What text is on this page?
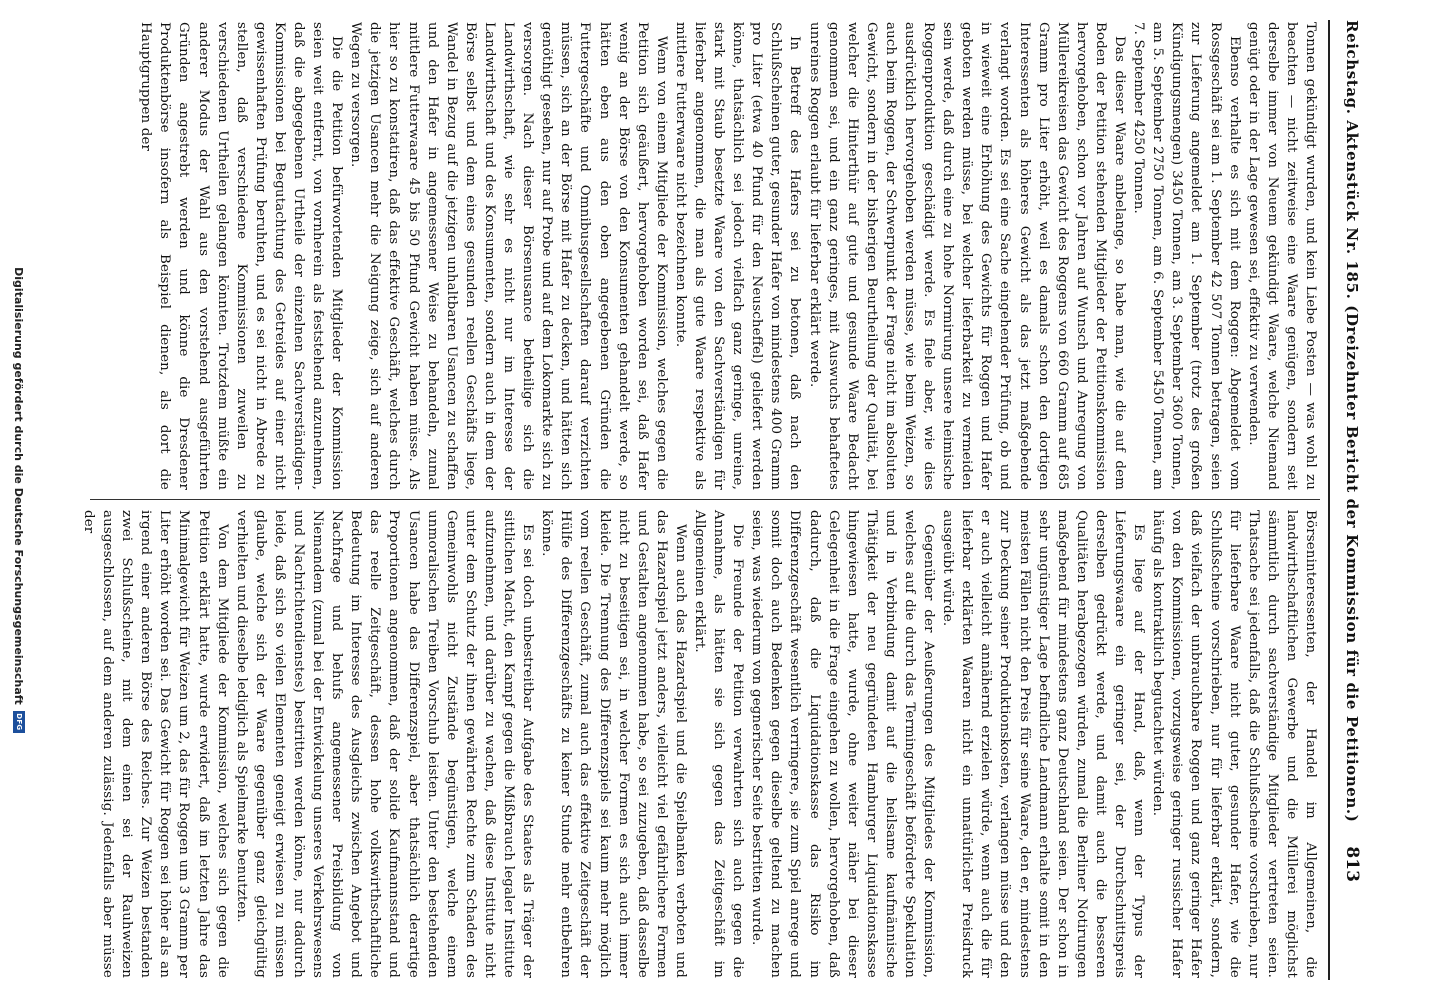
Reichstag. Aktenstück Nr. 185. (Dreizehnter Bericht der Kommission für die Petitionen.)
813

Tonnen gekündigt wurden, und kein Liebe Posten — was wohl zu beachten — nicht zeitweise eine Waare genügen, sondern seit derselbe immer von Neuem gekündigt Waare, welche Niemand genügt oder in der Lage gewesen sei, effektiv zu verwenden.

Ebenso verhalte es sich mit dem Roggen: Abgemeldet vom Rossgeschäft sei am 1. September 42 507 Tonnen betragen, seien zur Lieferung angemeldet am 1. September (trotz des großen Kündigungsmengen) 3450 Tonnen, am 3. September 3600 Tonnen, am 5. September 2750 Tonnen, am 6. September 5450 Tonnen, am 7. September 4250 Tonnen.

Das dieser Waare anbelange, so habe man, wie die auf dem Boden der Petition stehenden Mitglieder der Petitionskommission hervorgehoben, schon vor Jahren auf Wunsch und Anregung von Müllereikreisen das Gewicht des Roggens von 660 Gramm auf 685 Gramm pro Liter erhöht, weil es damals schon den dortigen Interessenten als höheres Gewicht als das jetzt maßgebende verlangt worden. Es sei eine Sache eingehender Prüfung, ob und in wieweit eine Erhöhung des Gewichts für Roggen und Hafer geboten werden müsse, bei welcher lieferbarkeit zu vermeiden sein werde, daß durch eine zu hohe Normirung unsere heimische Roggenproduktion geschädigt werde. Es fiele aber, wie dies ausdrücklich hervorgehoben werden müsse, wie beim Weizen, so auch beim Roggen, der Schwerpunkt der Frage nicht im absoluten Gewicht, sondern in der bisherigen Beurtheilung der Qualität, bei welcher die Hinterthür auf gute und gesunde Waare Bedacht genommen sei, und ein ganz geringes, mit Auswuchs behaftetes unreines Roggen erlaubt für lieferbar erklärt werde.

In Betreff des Hafers sei zu betonen, daß nach den Schlußscheinen guter, gesunder Hafer von mindestens 400 Gramm pro Liter (etwa 40 Pfund für den Neuscheffel) geliefert werden könne, thatsächlich sei jedoch vielfach ganz geringe, unreine, stark mit Staub besetzte Waare von den Sachverständigen für lieferbar angenommen, die man als gute Waare respektive als mittlere Futterwaare nicht bezeichnen konnte.

Wenn von einem Mitgliede der Kommission, welches gegen die Petition sich geäußert, hervorgehoben worden sei, daß Hafer wenig an der Börse von den Konsumenten gehandelt werde, so hätten eben aus den oben angegebenen Gründen die Futtergeschäfte und Omnibusgesellschaften darauf verzichten müssen, sich an der Börse mit Hafer zu decken, und hätten sich genöthigt gesehen, nur auf Probe und auf dem Lokomarkte sich zu versorgen. Nach dieser Börsenusance betheilige sich die Landwirthschaft, wie sehr es nicht nur im Interesse der Landwirthschaft und des Konsumenten, sondern auch in dem der Börse selbst und dem eines gesunden reellen Geschäfts liege, Wandel in Bezug auf die jetzigen unhaltbaren Usancen zu schaffen und den Hafer in angemessener Weise zu behandeln, zumal mittlere Futterwaare 45 bis 50 Pfund Gewicht haben müsse. Als hier so zu konstatiren, daß das effektive Geschäft, welches durch die jetzigen Usancen mehr die Neigung zeige, sich auf anderen Wegen zu versorgen.

Die die Petition befürwortenden Mitglieder der Kommission seien weit entfernt, von vornherein als feststehend anzunehmen, daß die abgegebenen Urtheile der einzelnen Sachverständigen-Kommissionen bei Begutachtung des Getreides auf einer nicht gewissenhaften Prüfung beruhten, und es sei nicht in Abrede zu stellen, daß verschiedene Kommissionen zuweilen zu verschiedenen Urtheilen gelangen könnten. Trotzdem müßte ein anderer Modus der Wahl aus den vorstehend ausgeführten Gründen angestrebt werden und könne die Dresdener Produktenbörse insofern als Beispiel dienen, als dort die Hauptgruppen der

Börseninteressenten, der Handel im Allgemeinen, die landwirthschaftlichen Gewerbe und die Müllerei möglichst sämmtlich durch sachverständige Mitglieder vertreten seien. Thatsache sei jedenfalls, daß die Schlußscheine vorschrieben, nur für lieferbare Waare nicht guter, gesunder Hafer, wie die Schlußscheine vorschrieben, nur für lieferbar erklärt, sondern, daß vielfach der unbrauchbare Roggen und ganz geringer Hafer von den Kommissionen, vorzugsweise geringer russischer Hafer häufig als kontraktlich begutachtet würden.

Es liege auf der Hand, daß, wenn der Typus der Lieferungswaare ein geringer sei, der Durchschnittspreis derselben gedrückt werde, und damit auch die besseren Qualitäten herabgezogen würden, zumal die Berliner Notirungen maßgebend für mindestens ganz Deutschland seien. Der schon in sehr ungünstiger Lage befindliche Landmann erhalte somit in den meisten Fällen nicht den Preis für seine Waare, den er, mindestens zur Deckung seiner Produktionskosten, verlangen müsse und den er auch vielleicht annähernd erzielen würde, wenn auch die für lieferbar erklärten Waaren nicht ein unnatürlicher Preisdruck ausgeübt würde.

Gegenüber der Aeußerungen des Mitgliedes der Kommission, welches auf die durch das Termingeschäft beförderte Spekulation und in Verbindung damit auf die heilsame kaufmännische Thätigkeit der neu gegründeten Hamburger Liquidationskasse hingewiesen hatte, wurde, ohne weiter näher bei dieser Gelegenheit in die Frage eingehen zu wollen, hervorgehoben, daß dadurch, daß die Liquidationskasse das Risiko im Differenzgeschäft wesentlich verringere, sie zum Spiel anrege und somit doch auch Bedenken gegen dieselbe geltend zu machen seien, was wiederum von gegnerischer Seite bestritten wurde.

Die Freunde der Petition verwahrten sich auch gegen die Annahme, als hätten sie sich gegen das Zeitgeschäft im Allgemeinen erklärt.

Wenn auch das Hazardspiel und die Spielbanken verboten und das Hazardspiel jetzt anders, vielleicht viel gefährlichere Formen und Gestalten angenommen habe, so sei zuzugeben, daß dasselbe nicht zu beseitigen sei, in welcher Formen es sich auch immer kleide. Die Trennung des Differenzspiels sei kaum mehr möglich vom reellen Geschäft, zumal auch das effektive Zeitgeschäft der Hülfe des Differenzgeschäfts zu keiner Stunde mehr entbehren könne.

Es sei doch unbestreitbar Aufgabe des Staates als Träger der sittlichen Macht, den Kampf gegen die Mißbrauch legaler Institute aufzunehmen, und darüber zu wachen, daß diese Institute nicht unter dem Schutz der ihnen gewährten Rechte zum Schaden des Gemeinwohls nicht Zustände begünstigen, welche einem unmoralischen Treiben Vorschub leisten. Unter den bestehenden Usancen habe das Differenzspiel, aber thatsächlich derartige Proportionen angenommen, daß der solide Kaufmannsstand und das reelle Zeitgeschäft, dessen hohe volkswirthschaftliche Bedeutung im Interesse des Ausgleichs zwischen Angebot und Nachfrage und behufs angemessener Preisbildung von Niemandem (zumal bei der Entwickelung unseres Verkehrswesens und Nachrichtendienstes) bestritten werden könne, nur dadurch leide, daß sich so vielen Elementen geneigt erwiesen zu müssen glaube, welche sich der Waare gegenüber ganz gleichgültig verhielten und dieselbe lediglich als Spielmarke benutzten.

Von dem Mitgliede der Kommission, welches sich gegen die Petition erklärt hatte, wurde erwidert, daß im letzten Jahre das Minimalgewicht für Weizen um 2, das für Roggen um 3 Gramm per Liter erhöht worden sei. Das Gewicht für Roggen sei höher als an irgend einer anderen Börse des Reiches. Zur Weizen bestanden zwei Schlußscheine, mit dem einen sei der Rauhweizen ausgeschlossen, auf dem anderen zulässig. Jedenfalls aber müsse der

Digitalisierung gefördert durch die Deutsche Forschungsgemeinschaft
DFG
